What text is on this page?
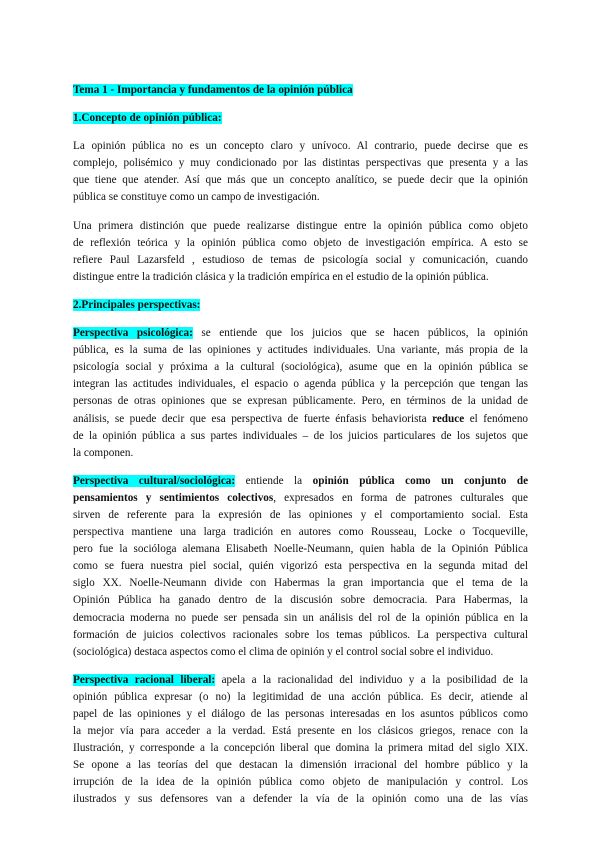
Tema 1 - Importancia y fundamentos de la opinión pública
1.Concepto de opinión pública:
La opinión pública no es un concepto claro y unívoco. Al contrario, puede decirse que es
complejo, polisémico y muy condicionado por las distintas perspectivas que presenta y a las
que tiene que atender. Así que más que un concepto analítico, se puede decir que la opinión
pública se constituye como un campo de investigación.
Una primera distinción que puede realizarse distingue entre la opinión pública como objeto
de reflexión teórica y la opinión pública como objeto de investigación empírica. A esto se
refiere Paul Lazarsfeld , estudioso de temas de psicología social y comunicación, cuando
distingue entre la tradición clásica y la tradición empírica en el estudio de la opinión pública.
2.Principales perspectivas:
Perspectiva psicológica: se entiende que los juicios que se hacen públicos, la opinión
pública, es la suma de las opiniones y actitudes individuales. Una variante, más propia de la
psicología social y próxima a la cultural (sociológica), asume que en la opinión pública se
integran las actitudes individuales, el espacio o agenda pública y la percepción que tengan las
personas de otras opiniones que se expresan públicamente. Pero, en términos de la unidad de
análisis, se puede decir que esa perspectiva de fuerte énfasis behaviorista reduce el fenómeno
de la opinión pública a sus partes individuales – de los juicios particulares de los sujetos que
la componen.
Perspectiva cultural/sociológica: entiende la opinión pública como un conjunto de
pensamientos y sentimientos colectivos, expresados en forma de patrones culturales que
sirven de referente para la expresión de las opiniones y el comportamiento social. Esta
perspectiva mantiene una larga tradición en autores como Rousseau, Locke o Tocqueville,
pero fue la socióloga alemana Elisabeth Noelle-Neumann, quien habla de la Opinión Pública
como se fuera nuestra piel social, quién vigorizó esta perspectiva en la segunda mitad del
siglo XX. Noelle-Neumann divide con Habermas la gran importancia que el tema de la
Opinión Pública ha ganado dentro de la discusión sobre democracia. Para Habermas, la
democracia moderna no puede ser pensada sin un análisis del rol de la opinión pública en la
formación de juicios colectivos racionales sobre los temas públicos. La perspectiva cultural
(sociológica) destaca aspectos como el clima de opinión y el control social sobre el individuo.
Perspectiva racional liberal: apela a la racionalidad del individuo y a la posibilidad de la
opinión pública expresar (o no) la legitimidad de una acción pública. Es decir, atiende al
papel de las opiniones y el diálogo de las personas interesadas en los asuntos públicos como
la mejor vía para acceder a la verdad. Está presente en los clásicos griegos, renace con la
Ilustración, y corresponde a la concepción liberal que domina la primera mitad del siglo XIX.
Se opone a las teorías del que destacan la dimensión irracional del hombre público y la
irrupción de la idea de la opinión pública como objeto de manipulación y control. Los
ilustrados y sus defensores van a defender la vía de la opinión como una de las vías
